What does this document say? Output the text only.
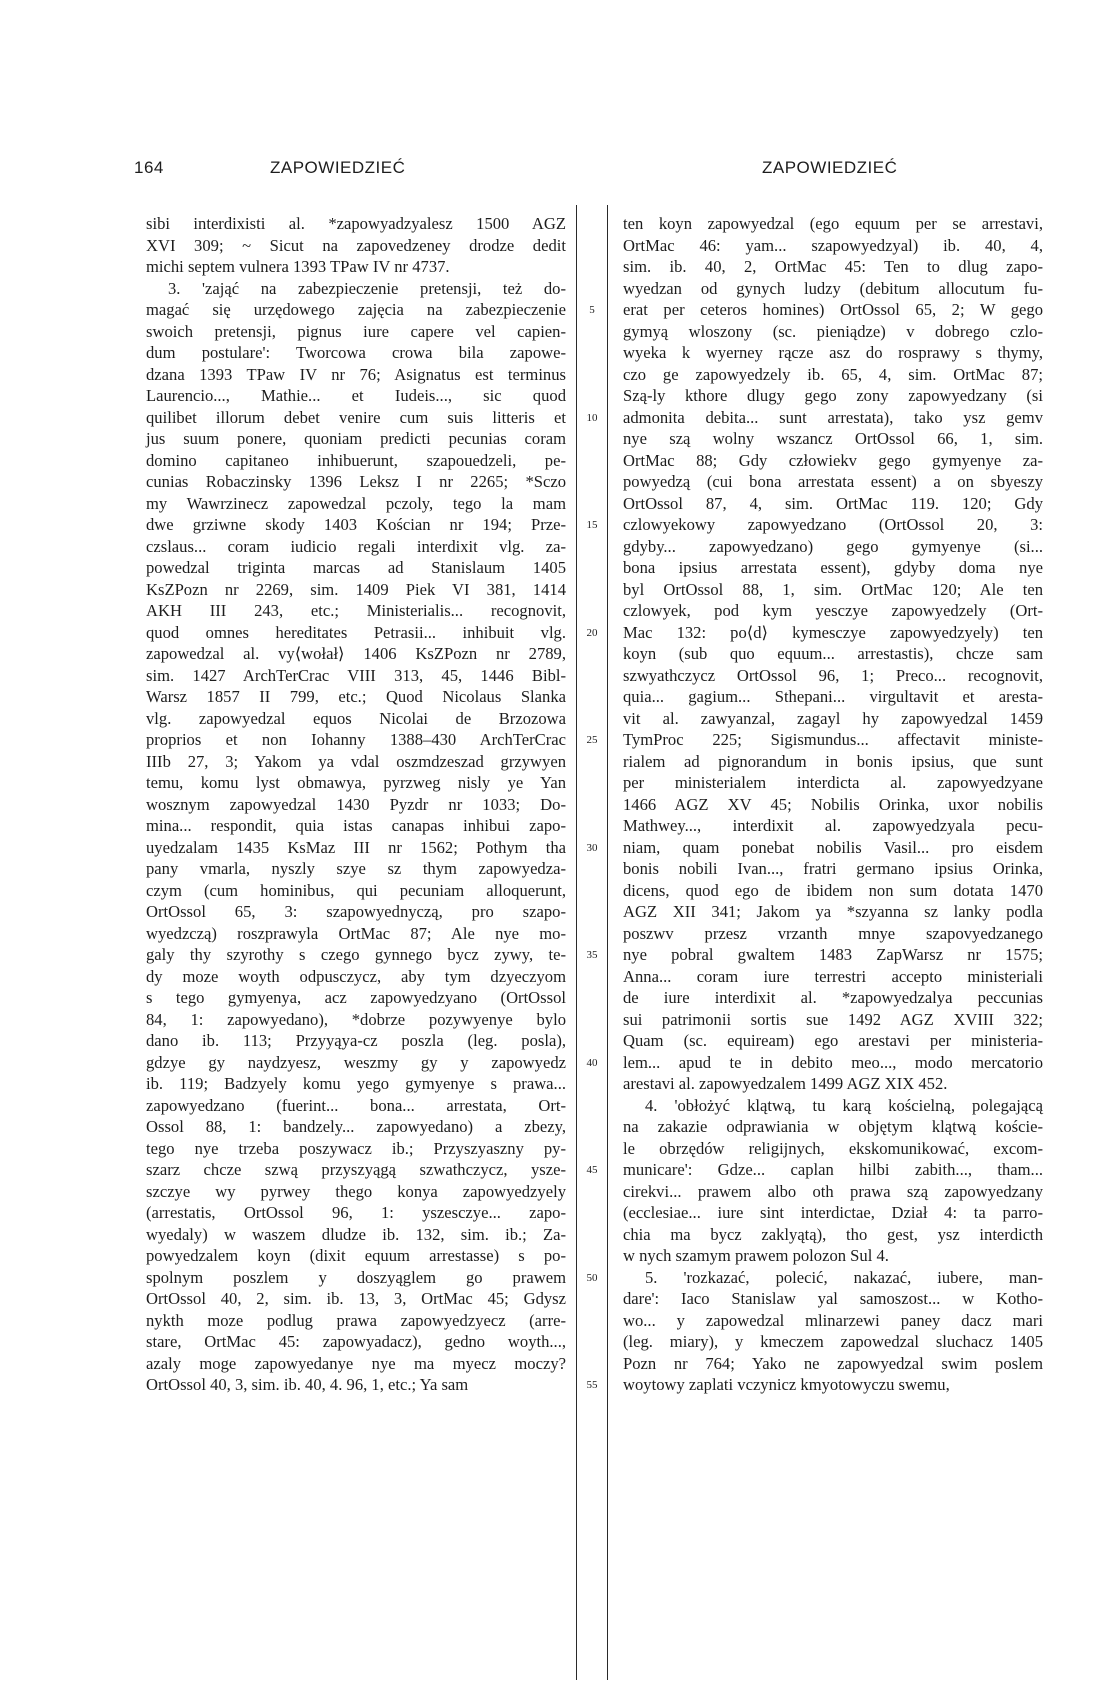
164	ZAPOWIEDZIEĆ	ZAPOWIEDZIEĆ
sibi interdixisti al. *zapowyadzyalesz 1500 AGZ
XVI 309; ~ Sicut na zapovedzeney drodze dedit
michi septem vulnera 1393 TPaw IV nr 4737.
3. 'zająć na zabezpieczenie pretensji, też do-
magać się urzędowego zajęcia na zabezpieczenie
swoich pretensji, pignus iure capere vel capien-
dum postulare': Tworcowa crowa bila zapowe-
dzana 1393 TPaw IV nr 76; Asignatus est terminus
Laurencio..., Mathie... et Iudeis..., sic quod
quilibet illorum debet venire cum suis litteris et
jus suum ponere, quoniam predicti pecunias coram
domino capitaneo inhibuerunt, szapouedzeli, pe-
cunias Robaczinsky 1396 Leksz I nr 2265; *Sczo
my Wawrzinecz zapowedzal pczoly, tego la mam
dwe grziwne skody 1403 Kościan nr 194; Prze-
czslaus... coram iudicio regali interdixit vlg. za-
powedzal triginta marcas ad Stanislaum 1405
KsZPozn nr 2269, sim. 1409 Piek VI 381, 1414
AKH III 243, etc.; Ministerialis... recognovit,
quod omnes hereditates Petrasii... inhibuit vlg.
zapowedzal al. vy⟨wołał⟩ 1406 KsZPozn nr 2789,
sim. 1427 ArchTerCrac VIII 313, 45, 1446 Bibl-
Warsz 1857 II 799, etc.; Quod Nicolaus Slanka
vlg. zapowyedzal equos Nicolai de Brzozowa
proprios et non Iohanny 1388–430 ArchTerCrac
IIIb 27, 3; Yakom ya vdal oszmdzeszad grzywyen
temu, komu lyst obmawya, pyrzweg nisly ye Yan
wosznym zapowyedzal 1430 Pyzdr nr 1033; Do-
mina... respondit, quia istas canapas inhibui zapo-
uyedzalam 1435 KsMaz III nr 1562; Pothym tha
pany vmarla, nyszly szye sz thym zapowyedza-
czym (cum hominibus, qui pecuniam alloquerunt,
OrtOssol 65, 3: szapowyednyczą, pro szapo-
wyedzczą) roszprawyla OrtMac 87; Ale nye mo-
galy thy szyrothy s czego gynnego bycz zywy, te-
dy moze woyth odpusczycz, aby tym dzyeczyom
s tego gymyenya, acz zapowyedzyano (OrtOssol
84, 1: zapowyedano), *dobrze pozywyenye bylo
dano ib. 113; Przyyąya-cz poszla (leg. posla),
gdzye gy naydzyesz, weszmy gy y zapowyedz
ib. 119; Badzyely komu yego gymyenye s prawa...
zapowyedzano (fuerint... bona... arrestata, Ort-
Ossol 88, 1: bandzely... zapowyedano) a zbezy,
tego nye trzeba poszywacz ib.; Przyszyaszny py-
szarz chcze szwą przyszyągą szwathczycz, ysze-
szczye wy pyrwey thego konya zapowyedzyely
(arrestatis, OrtOssol 96, 1: yszesczye... zapo-
wyedaly) w waszem dludze ib. 132, sim. ib.; Za-
powyedzalem koyn (dixit equum arrestasse) s po-
spolnym poszlem y doszyąglem go prawem
OrtOssol 40, 2, sim. ib. 13, 3, OrtMac 45; Gdysz
nykth moze podlug prawa zapowyedzyecz (arre-
stare, OrtMac 45: zapowyadacz), gedno woyth...,
azaly moge zapowyedanye nye ma myecz moczy?
OrtOssol 40, 3, sim. ib. 40, 4. 96, 1, etc.; Ya sam
5
10
15
20
25
30
35
40
45
50
55
ten koyn zapowyedzal (ego equum per se arrestavi,
OrtMac 46: yam... szapowyedzyal) ib. 40, 4,
sim. ib. 40, 2, OrtMac 45: Ten to dlug zapo-
wyedzan od gynych ludzy (debitum allocutum fu-
erat per ceteros homines) OrtOssol 65, 2; W gego
gymyą wloszony (sc. pieniądze) v dobrego czlo-
wyeka k wyerney rącze asz do rosprawy s thymy,
czo ge zapowyedzely ib. 65, 4, sim. OrtMac 87;
Szą-ly kthore dlugy gego zony zapowyedzany (si
admonita debita... sunt arrestata), tako ysz gemv
nye szą wolny wszancz OrtOssol 66, 1, sim.
OrtMac 88; Gdy człowiekv gego gymyenye za-
powyedzą (cui bona arrestata essent) a on sbyeszy
OrtOssol 87, 4, sim. OrtMac 119. 120; Gdy
czlowyekowy zapowyedzano (OrtOssol 20, 3:
gdyby... zapowyedzano) gego gymyenye (si...
bona ipsius arrestata essent), gdyby doma nye
byl OrtOssol 88, 1, sim. OrtMac 120; Ale ten
czlowyek, pod kym yesczye zapowyedzely (Ort-
Mac 132: po⟨d⟩ kymesczye zapowyedzyely) ten
koyn (sub quo equum... arrestastis), chcze sam
szwyathczycz OrtOssol 96, 1; Preco... recognovit,
quia... gagium... Sthepani... virgultavit et aresta-
vit al. zawyanzal, zagayl hy zapowyedzal 1459
TymProc 225; Sigismundus... affectavit ministe-
rialem ad pignorandum in bonis ipsius, que sunt
per ministerialem interdicta al. zapowyedzyane
1466 AGZ XV 45; Nobilis Orinka, uxor nobilis
Mathwey..., interdixit al. zapowyedzyala pecu-
niam, quam ponebat nobilis Vasil... pro eisdem
bonis nobili Ivan..., fratri germano ipsius Orinka,
dicens, quod ego de ibidem non sum dotata 1470
AGZ XII 341; Jakom ya *szyanna sz lanky podla
poszwv przesz vrzanth mnye szapovyedzanego
nye pobral gwaltem 1483 ZapWarsz nr 1575;
Anna... coram iure terrestri accepto ministeriali
de iure interdixit al. *zapowyedzalya peccunias
sui patrimonii sortis sue 1492 AGZ XVIII 322;
Quam (sc. equiream) ego arestavi per ministeria-
lem... apud te in debito meo..., modo mercatorio
arestavi al. zapowyedzalem 1499 AGZ XIX 452.
4. 'obłożyć klątwą, tu karą kościelną, polegającą
na zakazie odprawiania w objętym klątwą koście-
le obrzędów religijnych, ekskomunikować, excom-
municare': Gdze... caplan hilbi zabith..., tham...
cirekvi... prawem albo oth prawa szą zapowyedzany
(ecclesiae... iure sint interdictae, Dział 4: ta parro-
chia ma bycz zaklyątą), tho gest, ysz interdicth
w nych szamym prawem polozon Sul 4.
5. 'rozkazać, polecić, nakazać, iubere, man-
dare': Iaco Stanislaw yal samoszost... w Kotho-
wo... y zapowedzal mlinarzewi paney dacz mari
(leg. miary), y kmeczem zapowedzal sluchacz 1405
Pozn nr 764; Yako ne zapowyedzal swim poslem
woytowy zaplati vczynicz kmyotowyczu swemu,
